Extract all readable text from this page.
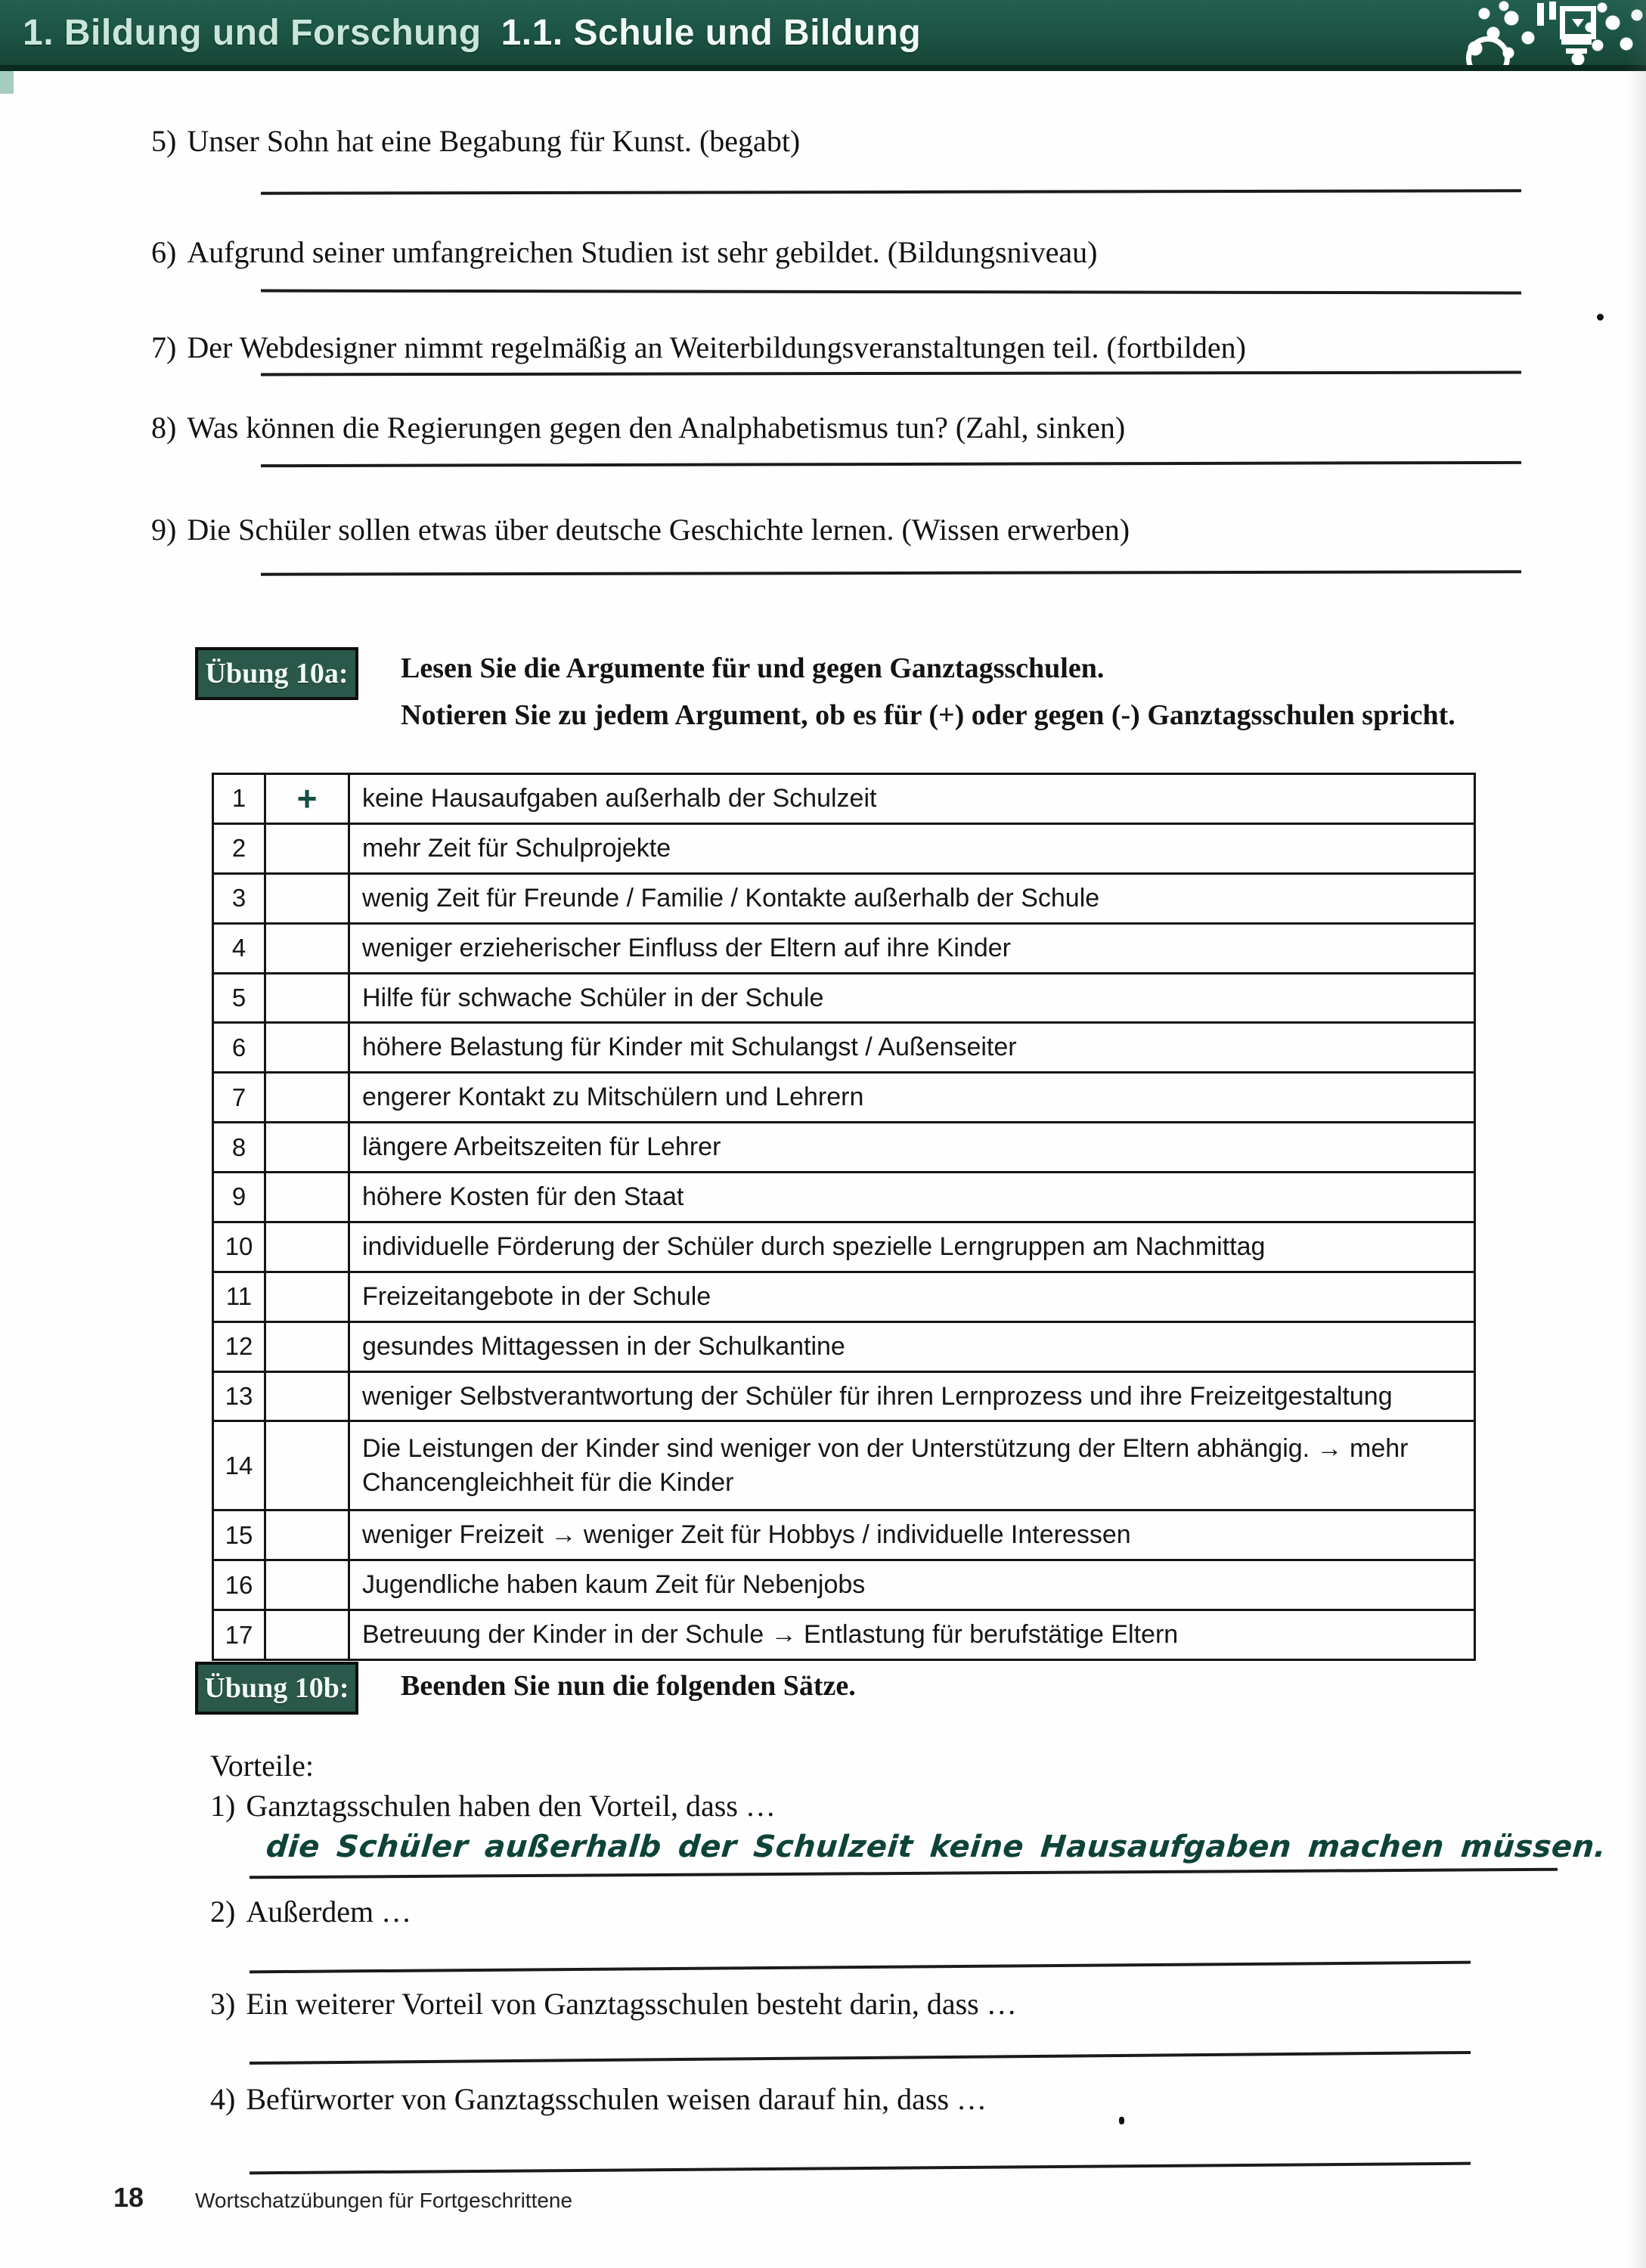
1. Bildung und Forschung 1.1. Schule und Bildung
5) Unser Sohn hat eine Begabung für Kunst. (begabt)
6) Aufgrund seiner umfangreichen Studien ist sehr gebildet. (Bildungsniveau)
7) Der Webdesigner nimmt regelmäßig an Weiterbildungsveranstaltungen teil. (fortbilden)
8) Was können die Regierungen gegen den Analphabetismus tun? (Zahl, sinken)
9) Die Schüler sollen etwas über deutsche Geschichte lernen. (Wissen erwerben)
Übung 10a:	Lesen Sie die Argumente für und gegen Ganztagsschulen.
Notieren Sie zu jedem Argument, ob es für (+) oder gegen (-) Ganztagsschulen spricht.
1	+	keine Hausaufgaben außerhalb der Schulzeit
2		mehr Zeit für Schulprojekte
3		wenig Zeit für Freunde / Familie / Kontakte außerhalb der Schule
4		weniger erzieherischer Einfluss der Eltern auf ihre Kinder
5		Hilfe für schwache Schüler in der Schule
6		höhere Belastung für Kinder mit Schulangst / Außenseiter
7		engerer Kontakt zu Mitschülern und Lehrern
8		längere Arbeitszeiten für Lehrer
9		höhere Kosten für den Staat
10		individuelle Förderung der Schüler durch spezielle Lerngruppen am Nachmittag
11		Freizeitangebote in der Schule
12		gesundes Mittagessen in der Schulkantine
13		weniger Selbstverantwortung der Schüler für ihren Lernprozess und ihre Freizeitgestaltung
14		Die Leistungen der Kinder sind weniger von der Unterstützung der Eltern abhängig. → mehr Chancengleichheit für die Kinder
15		weniger Freizeit → weniger Zeit für Hobbys / individuelle Interessen
16		Jugendliche haben kaum Zeit für Nebenjobs
17		Betreuung der Kinder in der Schule → Entlastung für berufstätige Eltern
Übung 10b:	Beenden Sie nun die folgenden Sätze.
Vorteile:
1) Ganztagsschulen haben den Vorteil, dass …
die Schüler außerhalb der Schulzeit keine Hausaufgaben machen müssen.
2) Außerdem …
3) Ein weiterer Vorteil von Ganztagsschulen besteht darin, dass …
4) Befürworter von Ganztagsschulen weisen darauf hin, dass …
18 Wortschatzübungen für Fortgeschrittene
